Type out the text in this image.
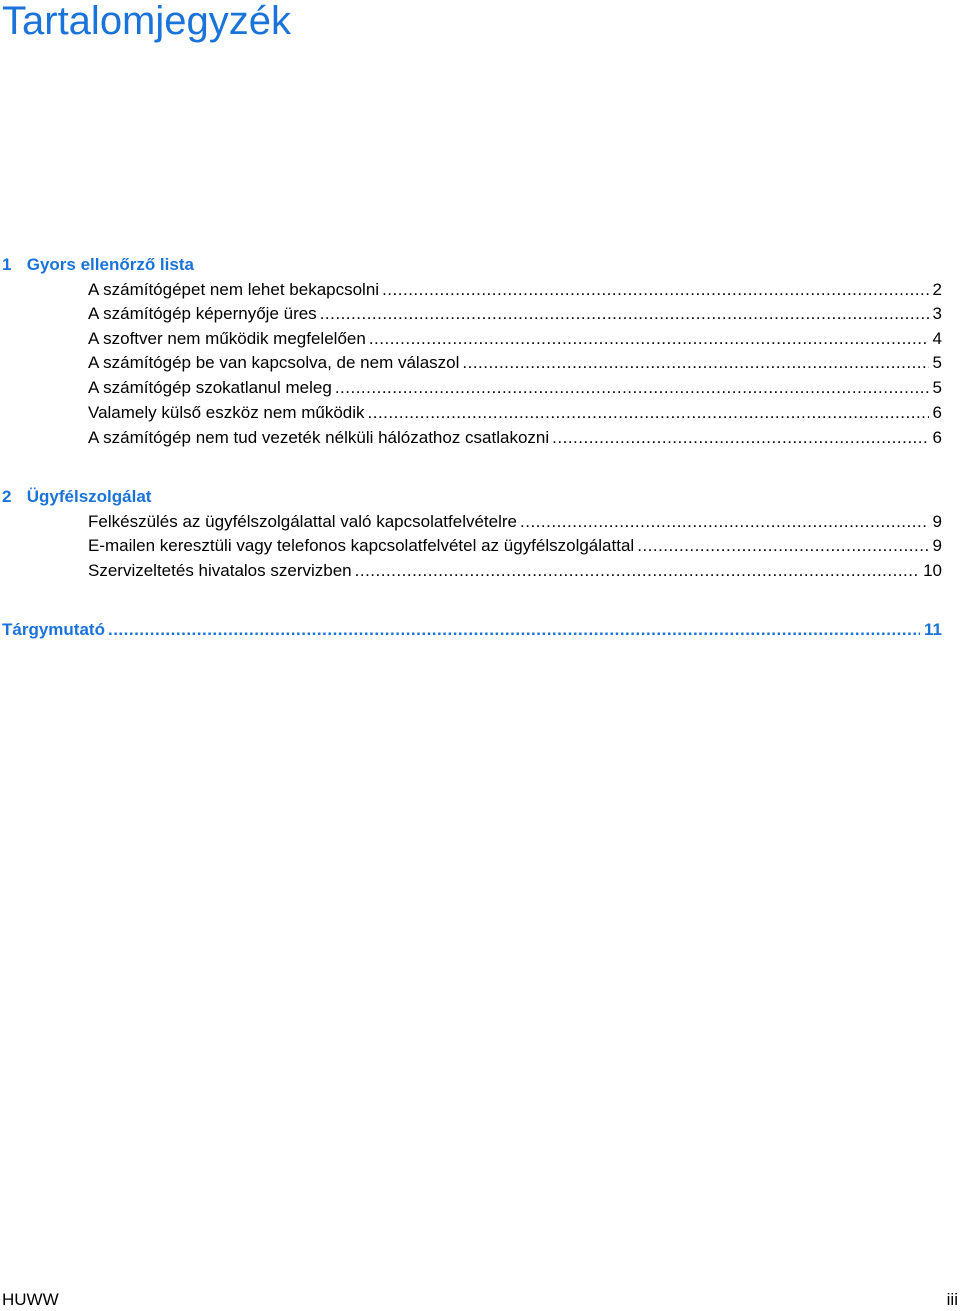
Tartalomjegyzék
1 Gyors ellenőrző lista
A számítógépet nem lehet bekapcsolni .....	2
A számítógép képernyője üres .....	3
A szoftver nem működik megfelelően .....	4
A számítógép be van kapcsolva, de nem válaszol .....	5
A számítógép szokatlanul meleg .....	5
Valamely külső eszköz nem működik .....	6
A számítógép nem tud vezeték nélküli hálózathoz csatlakozni .....	6
2 Ügyfélszolgálat
Felkészülés az ügyfélszolgálattal való kapcsolatfelvételre .....	9
E-mailen keresztüli vagy telefonos kapcsolatfelvétel az ügyfélszolgálattal .....	9
Szervizeltetés hivatalos szervizben .....	10
Tárgymutató .....	11
HUWW	iii
